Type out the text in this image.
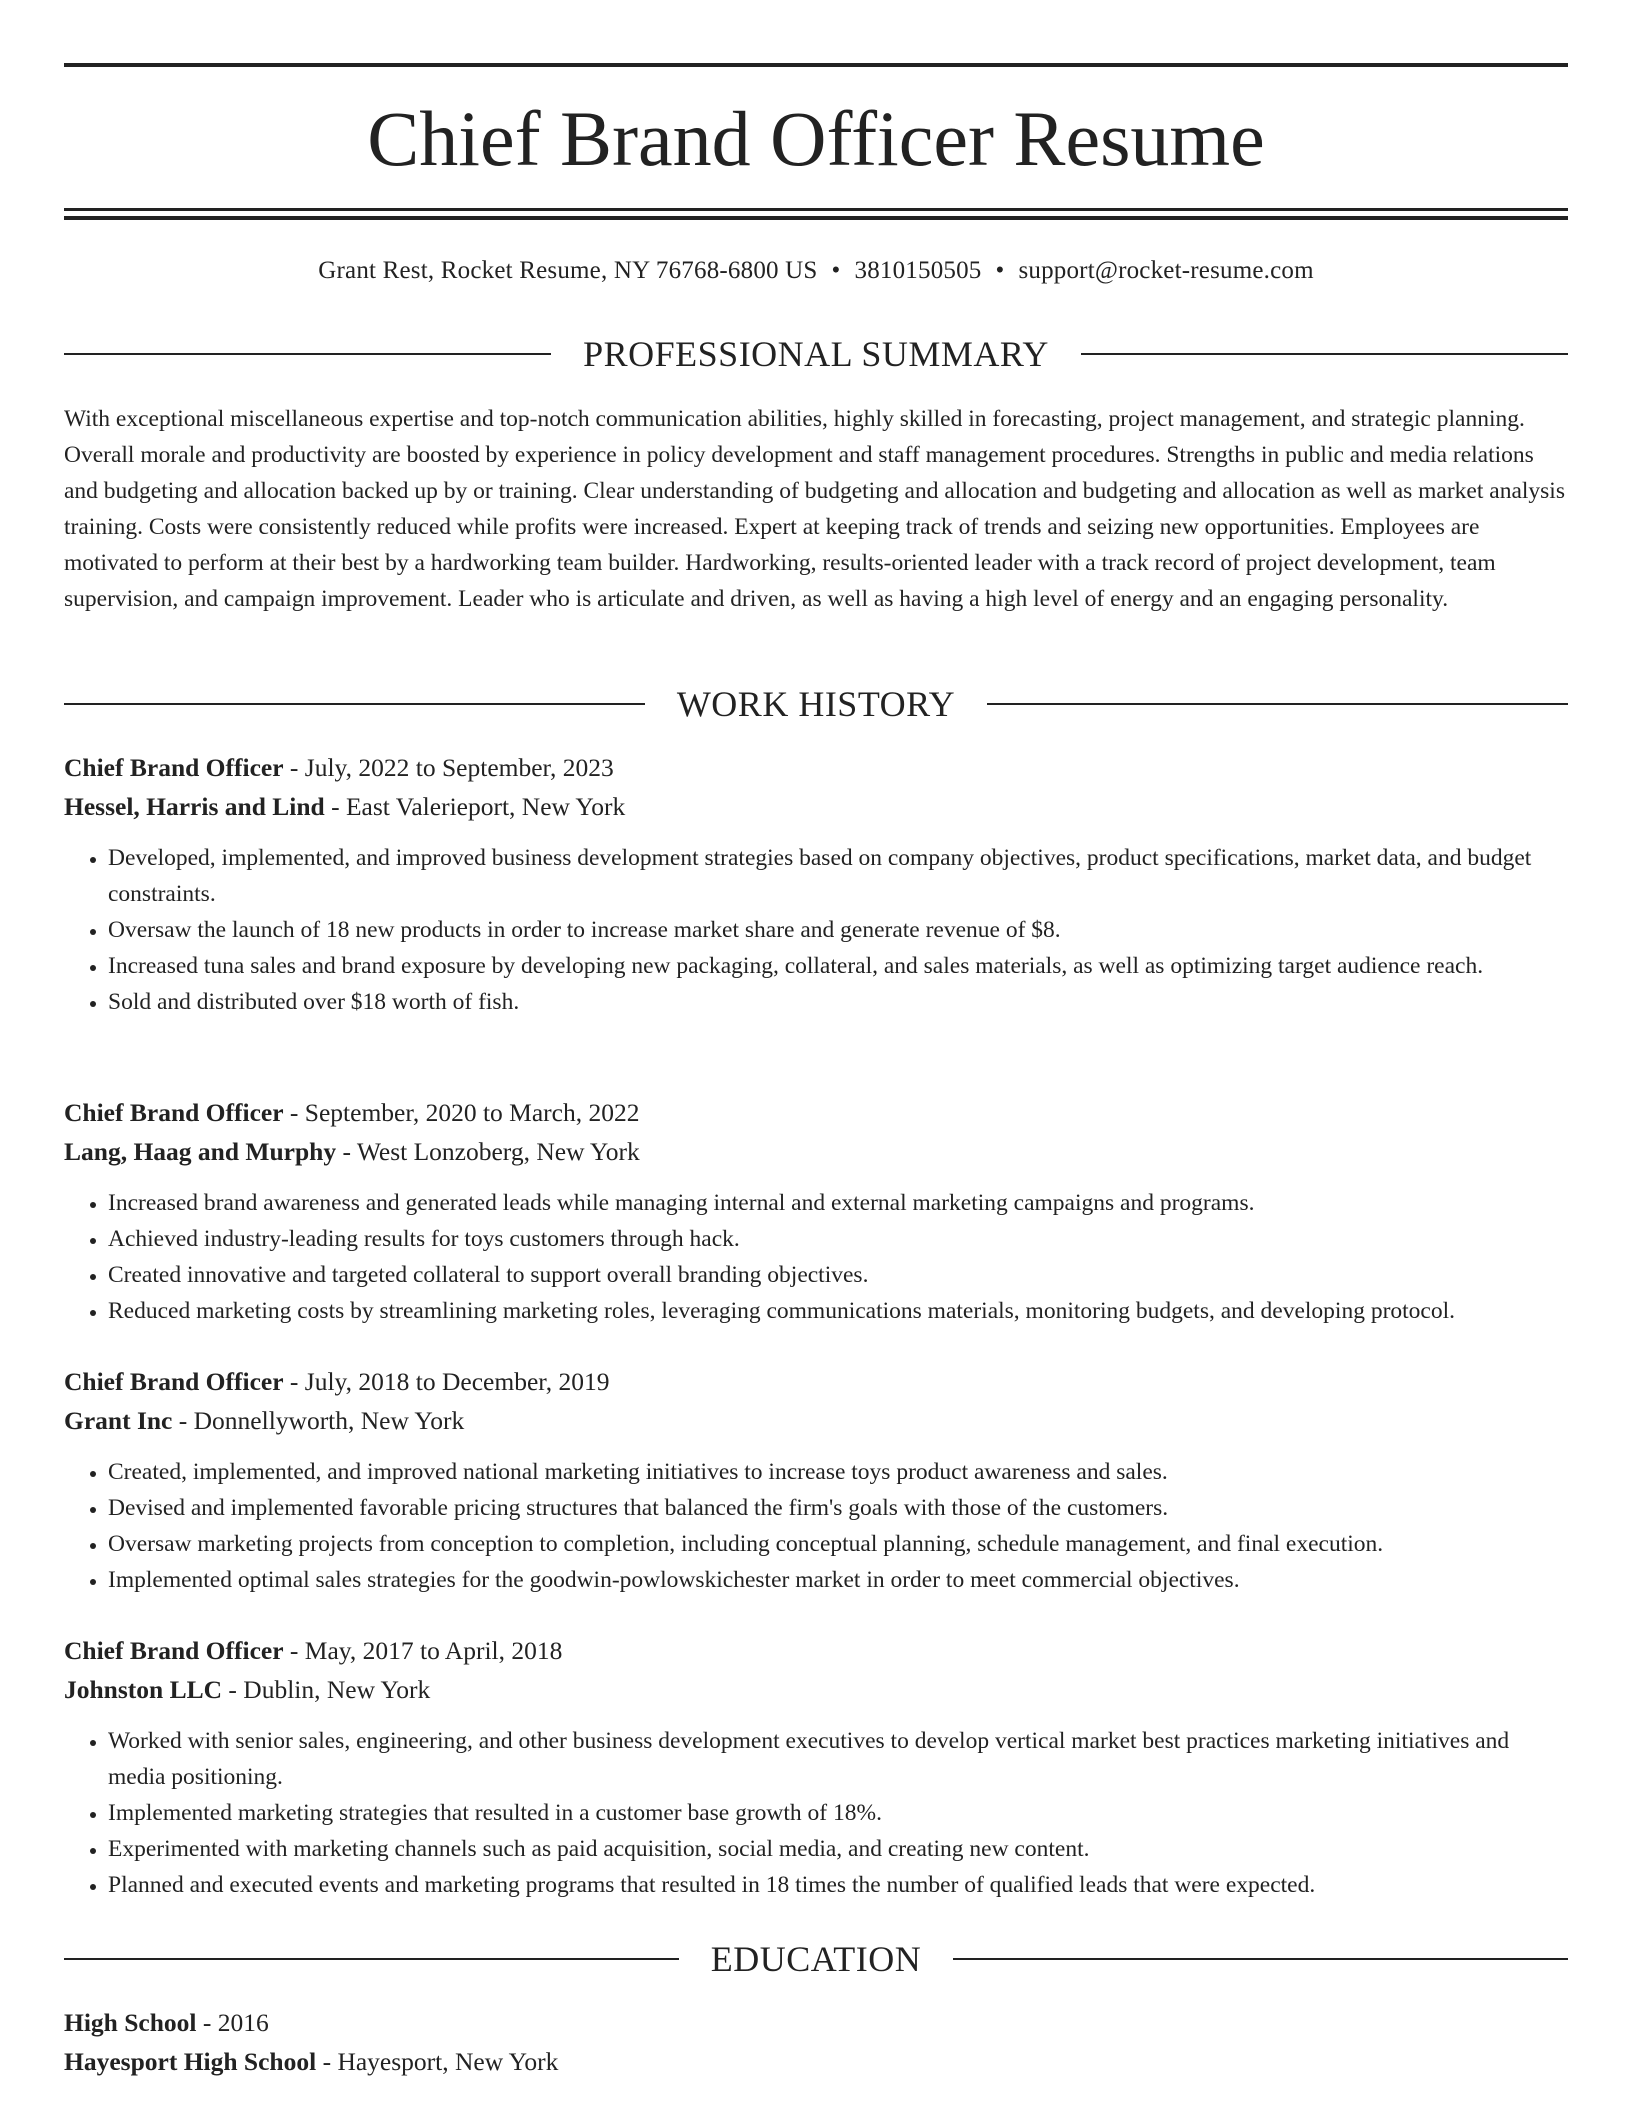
Chief Brand Officer Resume
Grant Rest, Rocket Resume, NY 76768-6800 US • 3810150505 • support@rocket-resume.com
PROFESSIONAL SUMMARY

With exceptional miscellaneous expertise and top-notch communication abilities, highly skilled in forecasting, project management, and strategic planning. Overall morale and productivity are boosted by experience in policy development and staff management procedures. Strengths in public and media relations and budgeting and allocation backed up by or training. Clear understanding of budgeting and allocation and budgeting and allocation as well as market analysis training. Costs were consistently reduced while profits were increased. Expert at keeping track of trends and seizing new opportunities. Employees are motivated to perform at their best by a hardworking team builder. Hardworking, results-oriented leader with a track record of project development, team supervision, and campaign improvement. Leader who is articulate and driven, as well as having a high level of energy and an engaging personality.

WORK HISTORY
Chief Brand Officer - July, 2022 to September, 2023
Hessel, Harris and Lind - East Valerieport, New York
• Developed, implemented, and improved business development strategies based on company objectives, product specifications, market data, and budget constraints.
• Oversaw the launch of 18 new products in order to increase market share and generate revenue of $8.
• Increased tuna sales and brand exposure by developing new packaging, collateral, and sales materials, as well as optimizing target audience reach.
• Sold and distributed over $18 worth of fish.
Chief Brand Officer - September, 2020 to March, 2022
Lang, Haag and Murphy - West Lonzoberg, New York
• Increased brand awareness and generated leads while managing internal and external marketing campaigns and programs.
• Achieved industry-leading results for toys customers through hack.
• Created innovative and targeted collateral to support overall branding objectives.
• Reduced marketing costs by streamlining marketing roles, leveraging communications materials, monitoring budgets, and developing protocol.
Chief Brand Officer - July, 2018 to December, 2019
Grant Inc - Donnellyworth, New York
• Created, implemented, and improved national marketing initiatives to increase toys product awareness and sales.
• Devised and implemented favorable pricing structures that balanced the firm's goals with those of the customers.
• Oversaw marketing projects from conception to completion, including conceptual planning, schedule management, and final execution.
• Implemented optimal sales strategies for the goodwin-powlowskichester market in order to meet commercial objectives.
Chief Brand Officer - May, 2017 to April, 2018
Johnston LLC - Dublin, New York
• Worked with senior sales, engineering, and other business development executives to develop vertical market best practices marketing initiatives and media positioning.
• Implemented marketing strategies that resulted in a customer base growth of 18%.
• Experimented with marketing channels such as paid acquisition, social media, and creating new content.
• Planned and executed events and marketing programs that resulted in 18 times the number of qualified leads that were expected.
EDUCATION
High School - 2016
Hayesport High School - Hayesport, New York
